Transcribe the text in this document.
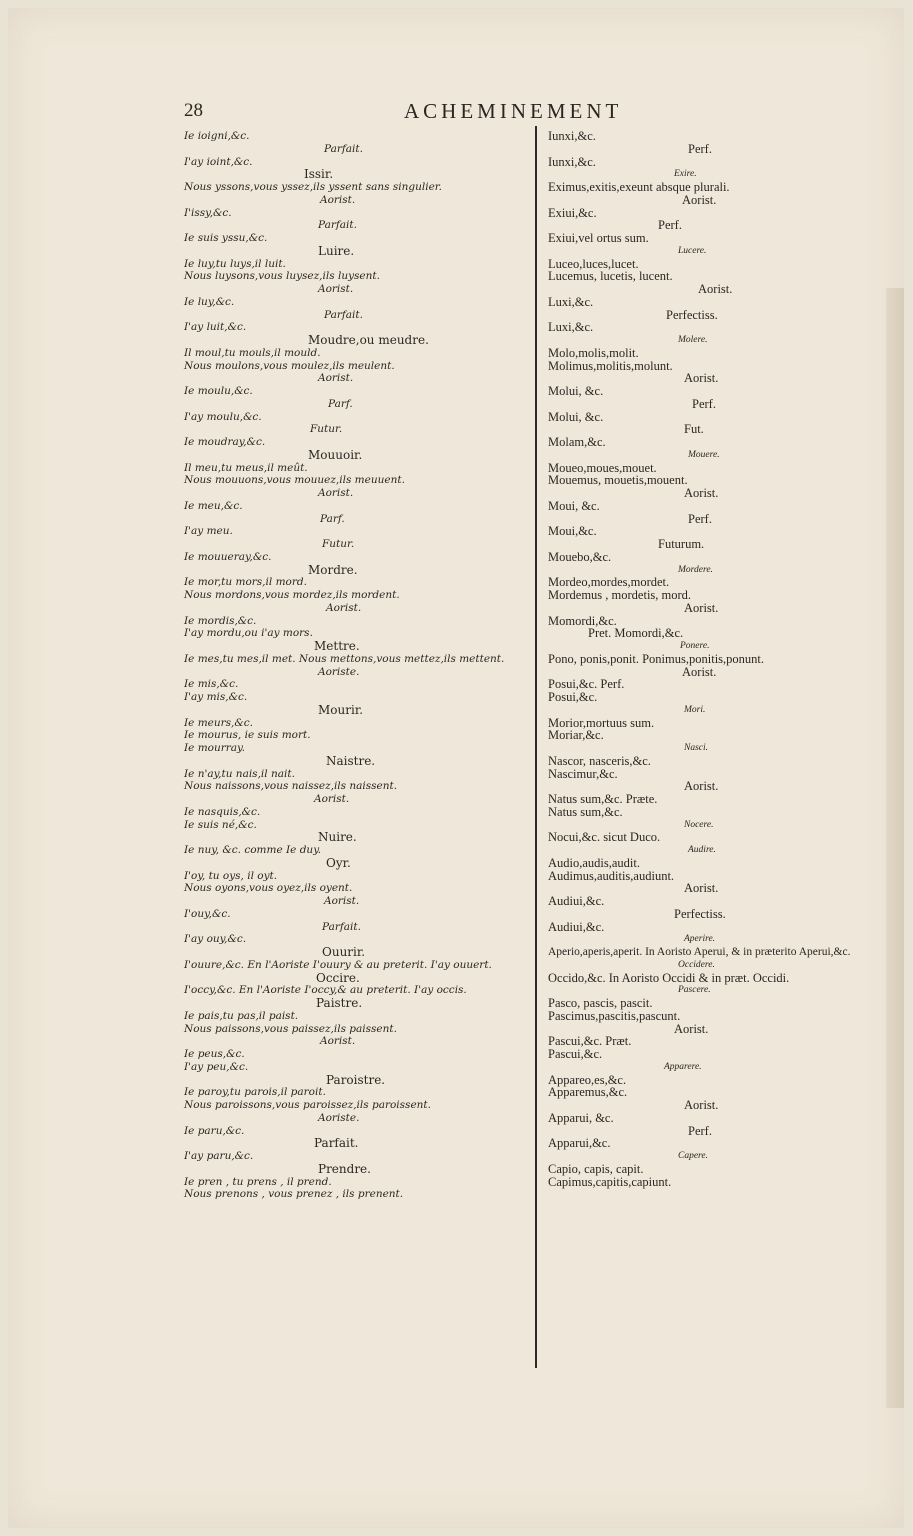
28	ACHEMINEMENT
Ie ioigni,&c.
Parfait.
I'ay ioint,&c.
Issir.
Nous yssons,vous yssez,ils yssent sans singulier.
Aorist.
I'issy,&c.
Parfait.
Ie suis yssu,&c.
Luire.
Ie luy,tu luys,il luit.
Nous luysons,vous luysez,ils luysent.
Aorist.
Ie luy,&c.
Parfait.
I'ay luit,&c.
Moudre,ou meudre.
Il moul,tu mouls,il mould.
Nous moulons,vous moulez,ils meulent.
Aorist.
Ie moulu,&c.
Parf.
I'ay moulu,&c.
Futur.
Ie moudray,&c.
Mouuoir.
Il meu,tu meus,il meût.
Nous mouuons,vous mouuez,ils meuuent.
Aorist.
Ie meu,&c.
Parf.
I'ay meu.
Futur.
Ie mouueray,&c.
Mordre.
Ie mor,tu mors,il mord.
Nous mordons,vous mordez,ils mordent.
Aorist.
Ie mordis,&c.
I'ay mordu,ou i'ay mors.
Mettre.
Ie mes,tu mes,il met. Nous mettons,vous mettez,ils mettent.
Aoriste.
Ie mis,&c.
I'ay mis,&c.
Mourir.
Ie meurs,&c.
Ie mourus, ie suis mort.
Ie mourray.
Naistre.
Ie n'ay,tu nais,il nait.
Nous naissons,vous naissez,ils naissent.
Aorist.
Ie nasquis,&c.
Ie suis né,&c.
Nuire.
Ie nuy, &c. comme Ie duy.
Oyr.
I'oy, tu oys, il oyt.
Nous oyons,vous oyez,ils oyent.
Aorist.
I'ouy,&c.
Parfait.
I'ay ouy,&c.
Ouurir.
I'ouure,&c. En l'Aoriste I'ouury & au preterit. I'ay ouuert.
Occire.
I'occy,&c. En l'Aoriste I'occy,& au preterit. I'ay occis.
Paistre.
Ie pais,tu pas,il paist.
Nous paissons,vous paissez,ils paissent.
Aorist.
Ie peus,&c.
I'ay peu,&c.
Paroistre.
Ie paroy,tu parois,il paroit.
Nous paroissons,vous paroissez,ils paroissent.
Aoriste.
Ie paru,&c.
Parfait.
I'ay paru,&c.
Prendre.
Ie pren , tu prens , il prend.
Nous prenons , vous prenez , ils prenent.
Iunxi,&c.
Perf.
Iunxi,&c.
Exire.
Eximus,exitis,exeunt absque plurali.
Aorist.
Exiui,&c.
Perf.
Exiui,vel ortus sum.
Lucere.
Luceo,luces,lucet.
Lucemus, lucetis, lucent.
Aorist.
Luxi,&c.
Perfectiss.
Luxi,&c.
Molere.
Molo,molis,molit.
Molimus,molitis,molunt.
Aorist.
Molui, &c.
Perf.
Molui, &c.
Fut.
Molam,&c.
Mouere.
Moueo,moues,mouet.
Mouemus, mouetis,mouent.
Aorist.
Moui, &c.
Perf.
Moui,&c.
Futurum.
Mouebo,&c.
Mordere.
Mordeo,mordes,mordet.
Mordemus , mordetis, mord.
Aorist.
Momordi,&c.
Pret. Momordi,&c.
Ponere.
Pono, ponis,ponit. Ponimus,ponitis,ponunt.
Aorist.
Posui,&c. Perf.
Posui,&c.
Mori.
Morior,mortuus sum.
Moriar,&c.
Nasci.
Nascor, nasceris,&c.
Nascimur,&c.
Aorist.
Natus sum,&c. Præte.
Natus sum,&c.
Nocere.
Nocui,&c. sicut Duco.
Audire.
Audio,audis,audit.
Audimus,auditis,audiunt.
Aorist.
Audiui,&c.
Perfectiss.
Audiui,&c.
Aperire.
Aperio,aperis,aperit. In Aoristo Aperui, & in præterito Aperui,&c.
Occidere.
Occido,&c. In Aoristo Occidi & in præt. Occidi.
Pascere.
Pasco, pascis, pascit.
Pascimus,pascitis,pascunt.
Aorist.
Pascui,&c. Præt.
Pascui,&c.
Apparere.
Appareo,es,&c.
Apparemus,&c.
Aorist.
Apparui, &c.
Perf.
Apparui,&c.
Capere.
Capio, capis, capit.
Capimus,capitis,capiunt.
